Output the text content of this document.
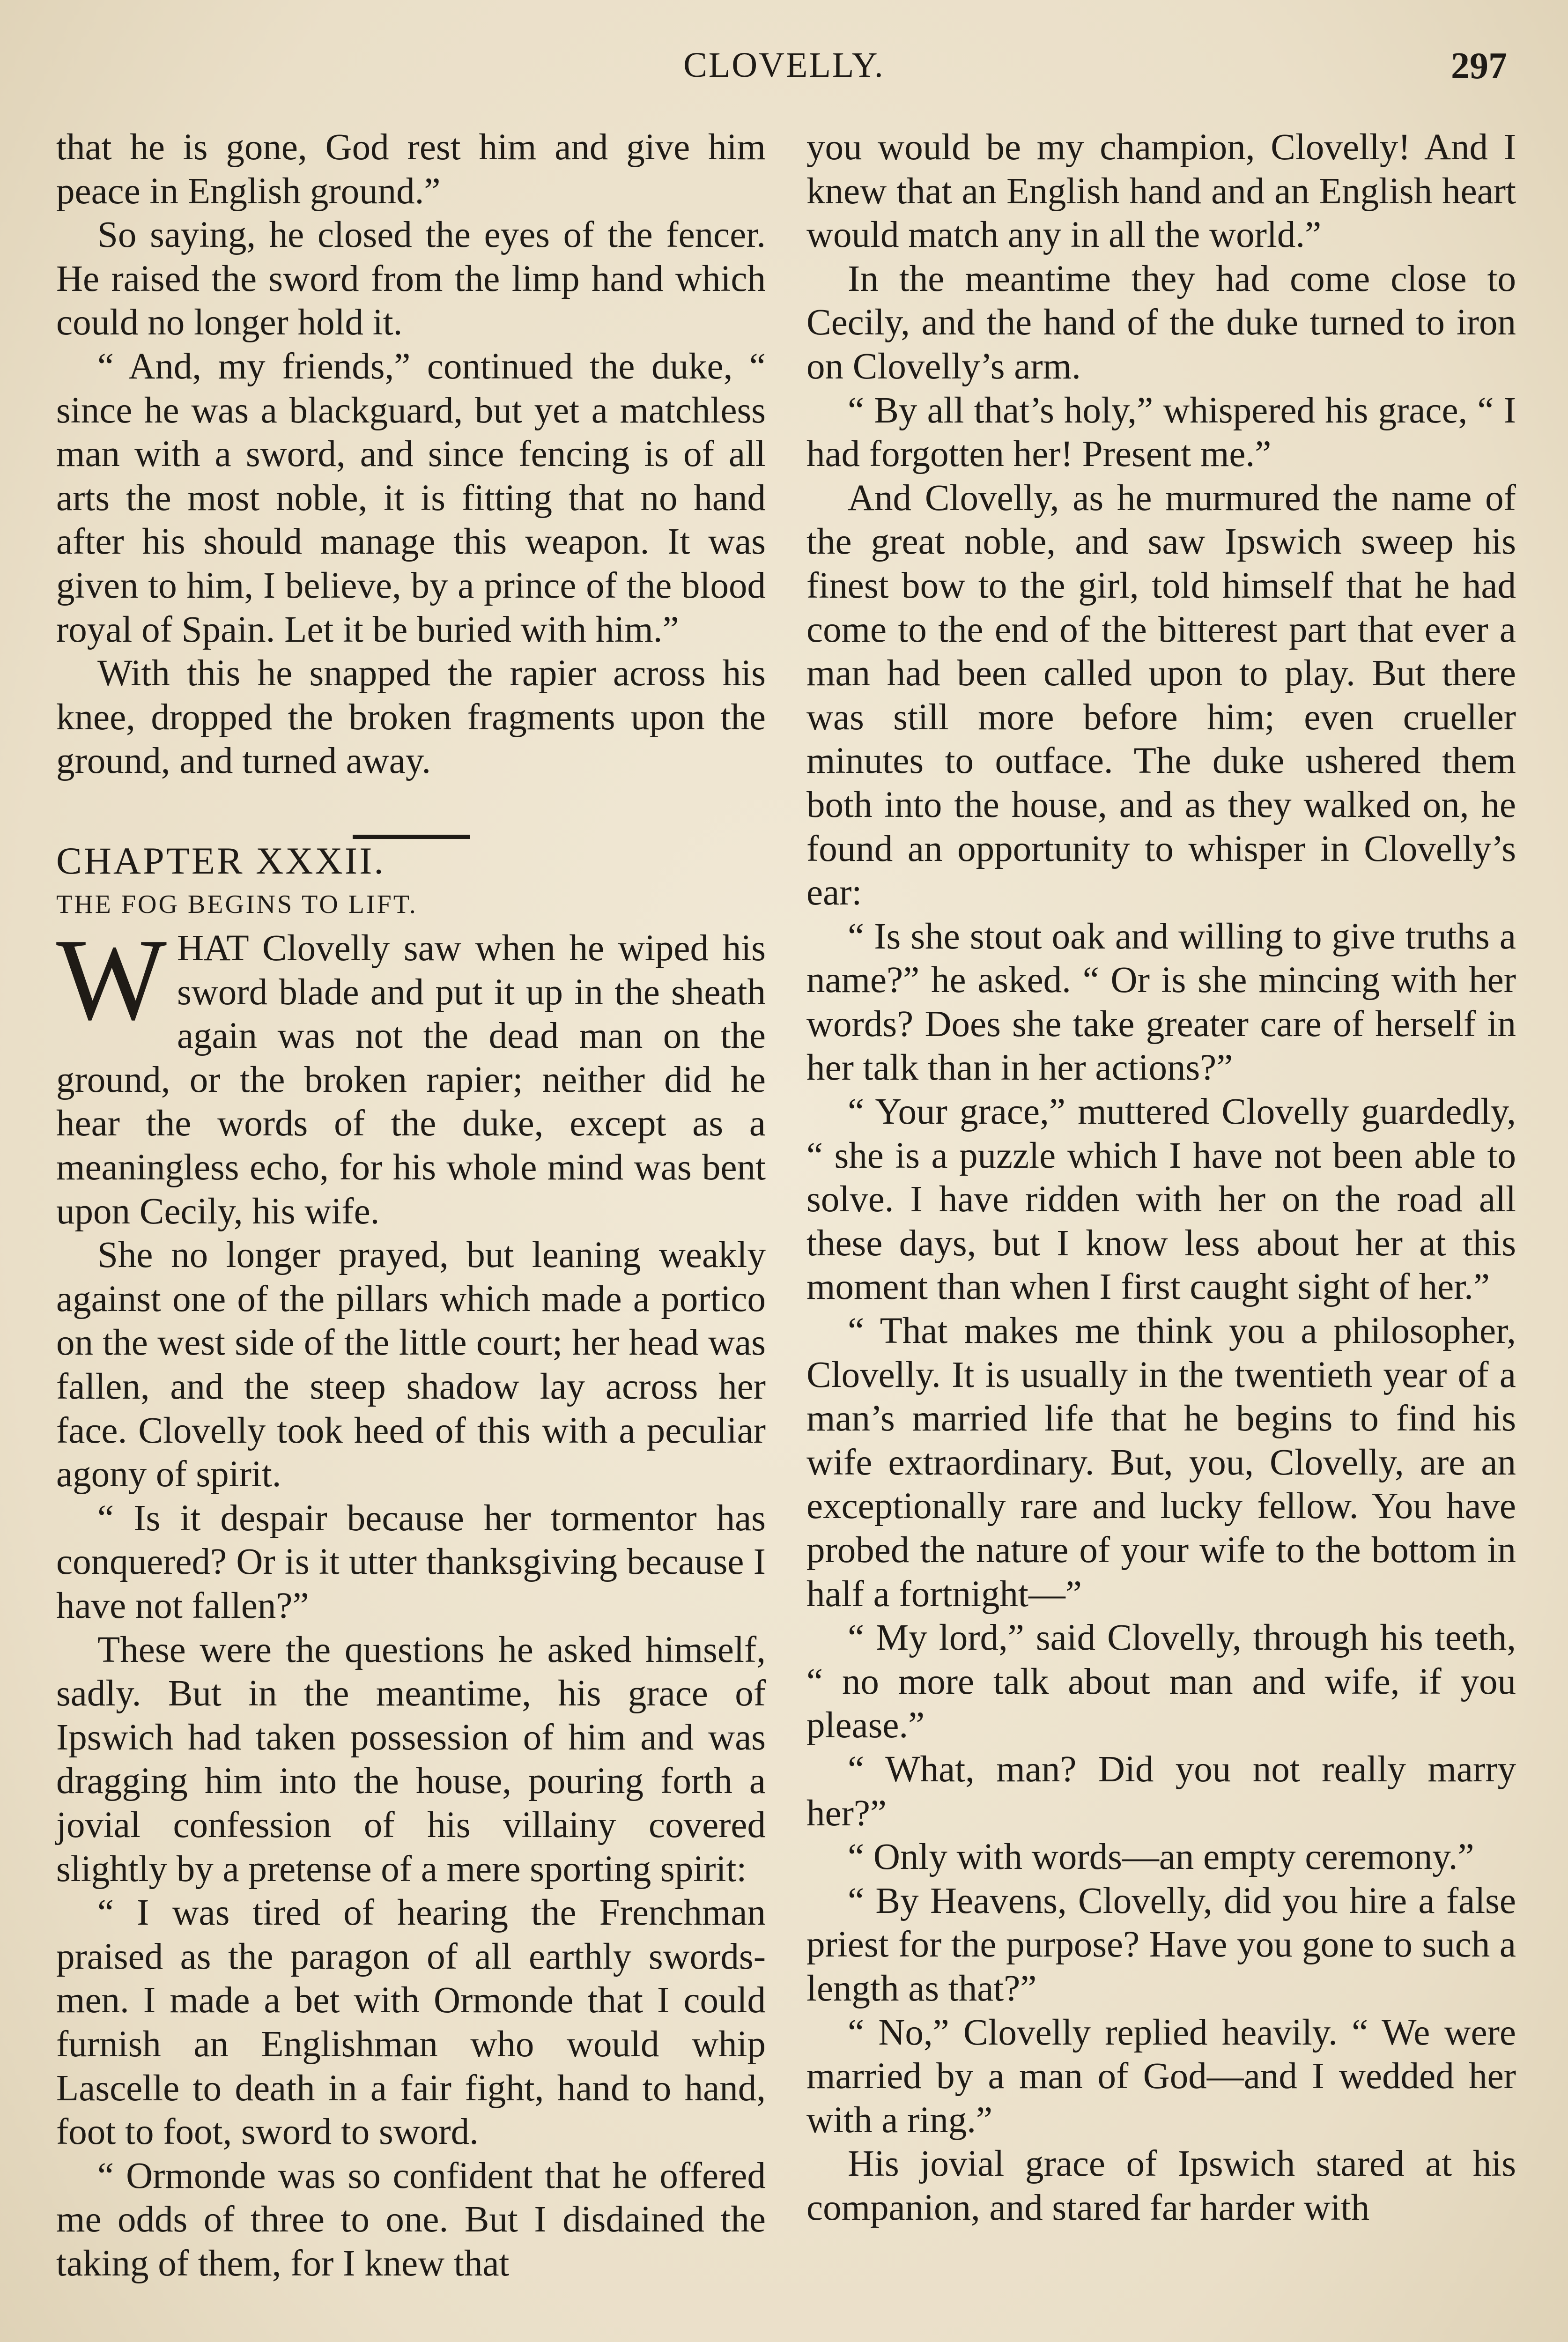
CLOVELLY.	297

that he is gone, God rest him and give him peace in English ground.”

So saying, he closed the eyes of the fencer. He raised the sword from the limp hand which could no longer hold it.

“ And, my friends,” continued the duke, “ since he was a blackguard, but yet a matchless man with a sword, and since fencing is of all arts the most noble, it is fitting that no hand after his should manage this weapon. It was given to him, I believe, by a prince of the blood royal of Spain. Let it be buried with him.”

With this he snapped the rapier across his knee, dropped the broken fragments upon the ground, and turned away.

CHAPTER XXXII.

THE FOG BEGINS TO LIFT.

WHAT Clovelly saw when he wiped his sword blade and put it up in the sheath again was not the dead man on the ground, or the broken rapier; neither did he hear the words of the duke, except as a meaningless echo, for his whole mind was bent upon Cecily, his wife.

She no longer prayed, but leaning weakly against one of the pillars which made a portico on the west side of the little court; her head was fallen, and the steep shadow lay across her face. Clovelly took heed of this with a peculiar agony of spirit.

“ Is it despair because her tormentor has conquered? Or is it utter thanksgiving because I have not fallen?”

These were the questions he asked himself, sadly. But in the meantime, his grace of Ipswich had taken possession of him and was dragging him into the house, pouring forth a jovial confession of his villainy covered slightly by a pretense of a mere sporting spirit:

“ I was tired of hearing the Frenchman praised as the paragon of all earthly swordsmen. I made a bet with Ormonde that I could furnish an Englishman who would whip Lascelle to death in a fair fight, hand to hand, foot to foot, sword to sword.

“ Ormonde was so confident that he offered me odds of three to one. But I disdained the taking of them, for I knew that

you would be my champion, Clovelly! And I knew that an English hand and an English heart would match any in all the world.”

In the meantime they had come close to Cecily, and the hand of the duke turned to iron on Clovelly’s arm.

“ By all that’s holy,” whispered his grace, “ I had forgotten her! Present me.”

And Clovelly, as he murmured the name of the great noble, and saw Ipswich sweep his finest bow to the girl, told himself that he had come to the end of the bitterest part that ever a man had been called upon to play. But there was still more before him; even crueller minutes to outface. The duke ushered them both into the house, and as they walked on, he found an opportunity to whisper in Clovelly’s ear:

“ Is she stout oak and willing to give truths a name?” he asked. “ Or is she mincing with her words? Does she take greater care of herself in her talk than in her actions?”

“ Your grace,” muttered Clovelly guardedly, “ she is a puzzle which I have not been able to solve. I have ridden with her on the road all these days, but I know less about her at this moment than when I first caught sight of her.”

“ That makes me think you a philosopher, Clovelly. It is usually in the twentieth year of a man’s married life that he begins to find his wife extraordinary. But, you, Clovelly, are an exceptionally rare and lucky fellow. You have probed the nature of your wife to the bottom in half a fortnight—”

“ My lord,” said Clovelly, through his teeth, “ no more talk about man and wife, if you please.”

“ What, man? Did you not really marry her?”

“ Only with words—an empty ceremony.”

“ By Heavens, Clovelly, did you hire a false priest for the purpose? Have you gone to such a length as that?”

“ No,” Clovelly replied heavily. “ We were married by a man of God—and I wedded her with a ring.”

His jovial grace of Ipswich stared at his companion, and stared far harder with
